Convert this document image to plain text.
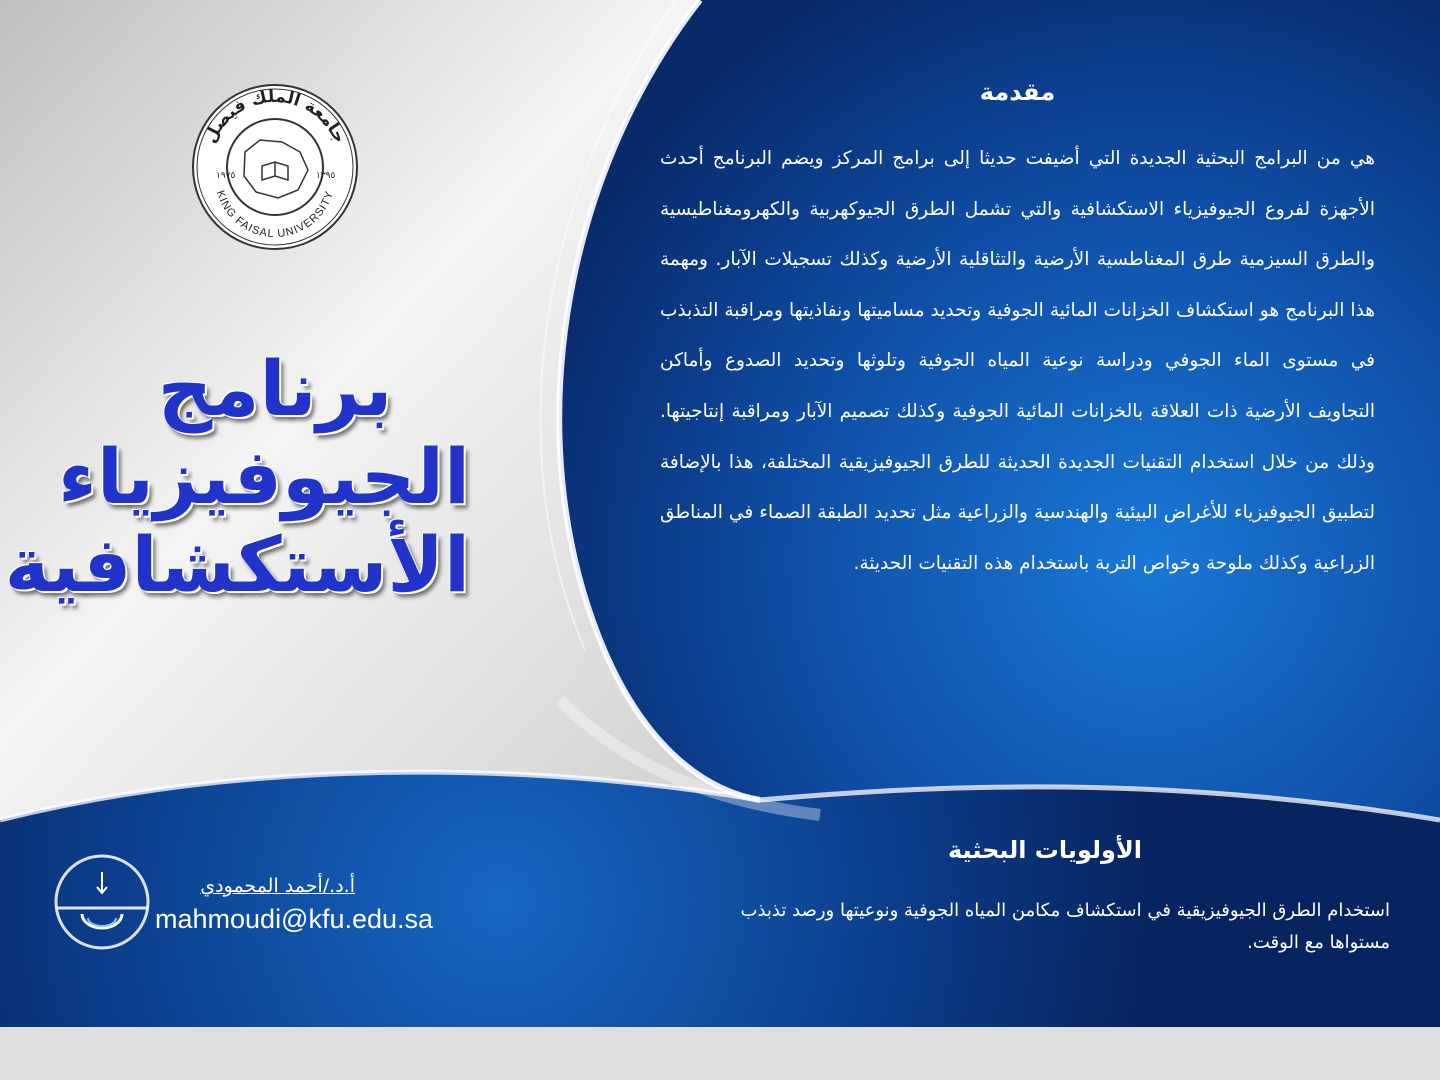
جامعة الملك فيصل
KING FAISAL UNIVERSITY
١٩٧٥	١٣٩٥
برنامج
الجيوفيزياء
الأستكشافية
مقدمة
هي من البرامج البحثية الجديدة التي أضيفت حديثا إلى برامج المركز ويضم البرنامج أحدث الأجهزة لفروع الجيوفيزياء الاستكشافية والتي تشمل الطرق الجيوكهربية والكهرومغناطيسية والطرق السيزمية طرق المغناطسية الأرضية والتثاقلية الأرضية وكذلك تسجيلات الآبار. ومهمة هذا البرنامج هو استكشاف الخزانات المائية الجوفية وتحديد مساميتها ونفاذيتها ومراقبة التذبذب في مستوى الماء الجوفي ودراسة نوعية المياه الجوفية وتلوثها وتحديد الصدوع وأماكن التجاويف الأرضية ذات العلاقة بالخزانات المائية الجوفية وكذلك تصميم الآبار ومراقبة إنتاجيتها. وذلك من خلال استخدام التقنيات الجديدة الحديثة للطرق الجيوفيزيقية المختلفة، هذا بالإضافة لتطبيق الجيوفيزياء للأغراض البيئية والهندسية والزراعية مثل تحديد الطبقة الصماء في المناطق الزراعية وكذلك ملوحة وخواص التربة باستخدام هذه التقنيات الحديثة.
الأولويات البحثية
استخدام الطرق الجيوفيزيقية في استكشاف مكامن المياه الجوفية ونوعيتها ورصد تذبذب مستواها مع الوقت.
أ.د./أحمد المحمودي
mahmoudi@kfu.edu.sa
